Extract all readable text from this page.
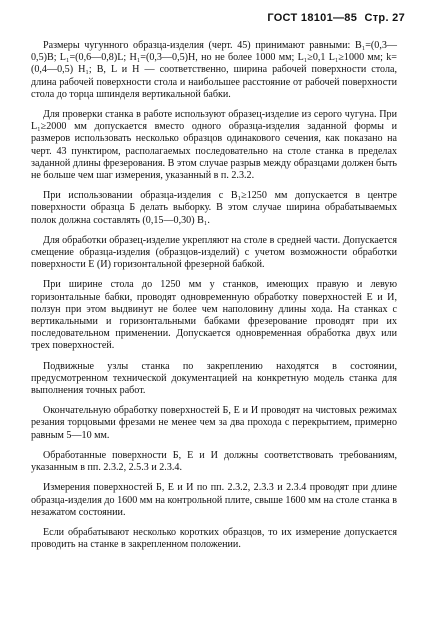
ГОСТ 18101—85 Стр. 27

Размеры чугунного образца-изделия (черт. 45) принимают равными: B₁=(0,3—0,5)B; L₁=(0,6—0,8)L; H₁=(0,3—0,5)H, но не более 1000 мм; L₁≥0,1 L₁≥1000 мм; k=(0,4—0,5) H₁; B, L и H — соответственно, ширина рабочей поверхности стола, длина рабочей поверхности стола и наибольшее расстояние от рабочей поверхности стола до торца шпинделя вертикальной бабки.

Для проверки станка в работе используют образец-изделие из серого чугуна. При L₁≥2000 мм допускается вместо одного образца-изделия заданной формы и размеров использовать несколько образцов одинакового сечения, как показано на черт. 43 пунктиром, располагаемых последовательно на столе станка в пределах заданной длины фрезерования. В этом случае разрыв между образцами должен быть не больше чем шаг измерения, указанный в п. 2.3.2.

При использовании образца-изделия с B₁≥1250 мм допускается в центре поверхности образца Б делать выборку. В этом случае ширина обрабатываемых полок должна составлять (0,15—0,30) B₁.

Для обработки образец-изделие укрепляют на столе в средней части. Допускается смещение образца-изделия (образцов-изделий) с учетом возможности обработки поверхности Е (И) горизонтальной фрезерной бабкой.

При ширине стола до 1250 мм у станков, имеющих правую и левую горизонтальные бабки, проводят одновременную обработку поверхностей Е и И, ползун при этом выдвинут не более чем наполовину длины хода. На станках с вертикальными и горизонтальными бабками фрезерование проводят при их последовательном применении. Допускается одновременная обработка двух или трех поверхностей.

Подвижные узлы станка по закреплению находятся в состоянии, предусмотренном технической документацией на конкретную модель станка для выполнения точных работ.

Окончательную обработку поверхностей Б, Е и И проводят на чистовых режимах резания торцовыми фрезами не менее чем за два прохода с перекрытием, примерно равным 5—10 мм.

Обработанные поверхности Б, Е и И должны соответствовать требованиям, указанным в пп. 2.3.2, 2.5.3 и 2.3.4.

Измерения поверхностей Б, Е и И по пп. 2.3.2, 2.3.3 и 2.3.4 проводят при длине образца-изделия до 1600 мм на контрольной плите, свыше 1600 мм на столе станка в незажатом состоянии.

Если обрабатывают несколько коротких образцов, то их измерение допускается проводить на станке в закрепленном положении.
